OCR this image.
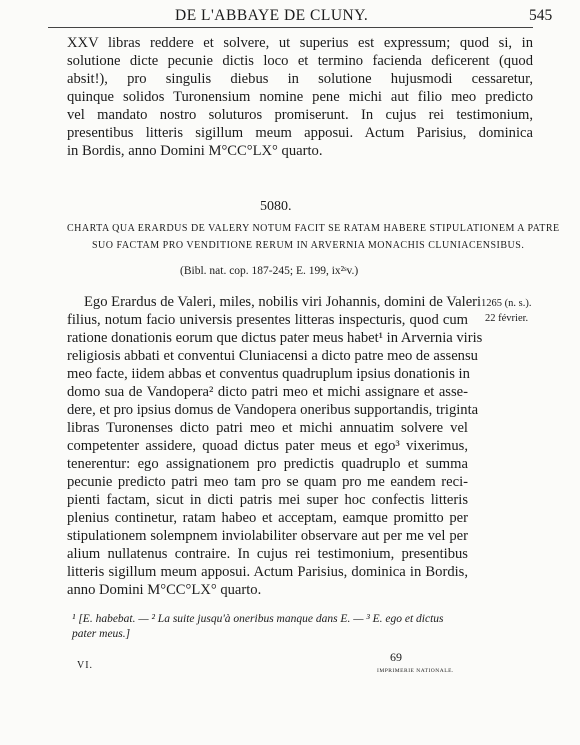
DE L'ABBAYE DE CLUNY.	545
XXV libras reddere et solvere, ut superius est expressum; quod si, in
solutione dicte pecunie dictis loco et termino facienda deficerent (quod
absit!), pro singulis diebus in solutione hujusmodi cessaretur,
quinque solidos Turonensium nomine pene michi aut filio meo predicto
vel mandato nostro soluturos promiserunt. In cujus rei testimonium,
presentibus litteris sigillum meum apposui. Actum Parisius, dominica
in Bordis, anno Domini M°CC°LX° quarto.
5080.
CHARTA QUA ERARDUS DE VALERY NOTUM FACIT SE RATAM HABERE STIPULATIONEM A PATRE
SUO FACTAM PRO VENDITIONE RERUM IN ARVERNIA MONACHIS CLUNIACENSIBUS.
(Bibl. nat. cop. 187-245; E. 199, ix²ˢv.)
1265 (n. s.).
22 février.
Ego Erardus de Valeri, miles, nobilis viri Johannis, domini de Valeri
filius, notum facio universis presentes litteras inspecturis, quod cum
ratione donationis eorum que dictus pater meus habet¹ in Arvernia viris
religiosis abbati et conventui Cluniacensi a dicto patre meo de assensu
meo facte, iidem abbas et conventus quadruplum ipsius donationis in
domo sua de Vandopera² dicto patri meo et michi assignare et asse-
dere, et pro ipsius domus de Vandopera oneribus supportandis, triginta
libras Turonenses dicto patri meo et michi annuatim solvere vel
competenter assidere, quoad dictus pater meus et ego³ vixerimus,
tenerentur: ego assignationem pro predictis quadruplo et summa
pecunie predicto patri meo tam pro se quam pro me eandem reci-
pienti factam, sicut in dicti patris mei super hoc confectis litteris
plenius continetur, ratam habeo et acceptam, eamque promitto per
stipulationem solempnem inviolabiliter observare aut per me vel per
alium nullatenus contraire. In cujus rei testimonium, presentibus
litteris sigillum meum apposui. Actum Parisius, dominica in Bordis,
anno Domini M°CC°LX° quarto.
¹ [E. habebat. — ² La suite jusqu'à oneribus manque dans E. — ³ E. ego et dictus
pater meus.]
VI.
69
IMPRIMERIE NATIONALE.
